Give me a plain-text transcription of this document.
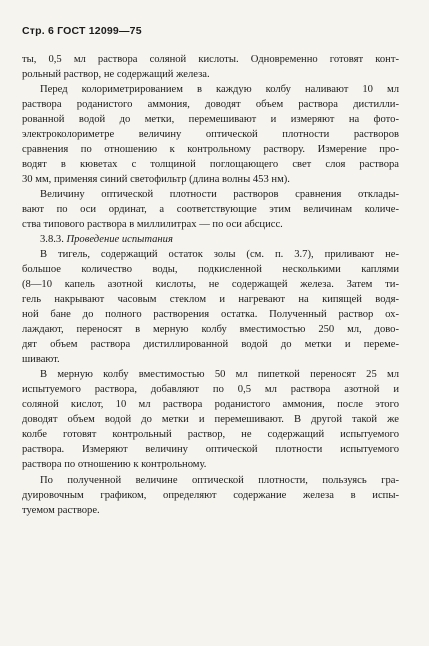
Стр. 6 ГОСТ 12099—75
ты, 0,5 мл раствора соляной кислоты. Одновременно готовят конт-
рольный раствор, не содержащий железа.
Перед колориметрированием в каждую колбу наливают 10 мл
раствора роданистого аммония, доводят объем раствора дистилли-
рованной водой до метки, перемешивают и измеряют на фото-
электроколориметре величину оптической плотности растворов
сравнения по отношению к контрольному раствору. Измерение про-
водят в кюветах с толщиной поглощающего свет слоя раствора
30 мм, применяя синий светофильтр (длина волны 453 нм).
Величину оптической плотности растворов сравнения отклады-
вают по оси ординат, а соответствующие этим величинам количе-
ства типового раствора в миллилитрах — по оси абсцисс.
3.8.3. Проведение испытания
В тигель, содержащий остаток золы (см. п. 3.7), приливают не-
большое количество воды, подкисленной несколькими каплями
(8—10 капель азотной кислоты, не содержащей железа. Затем ти-
гель накрывают часовым стеклом и нагревают на кипящей водя-
ной бане до полного растворения остатка. Полученный раствор ох-
лаждают, переносят в мерную колбу вместимостью 250 мл, дово-
дят объем раствора дистиллированной водой до метки и переме-
шивают.
В мерную колбу вместимостью 50 мл пипеткой переносят 25 мл
испытуемого раствора, добавляют по 0,5 мл раствора азотной и
соляной кислот, 10 мл раствора роданистого аммония, после этого
доводят объем водой до метки и перемешивают. В другой такой же
колбе готовят контрольный раствор, не содержащий испытуемого
раствора. Измеряют величину оптической плотности испытуемого
раствора по отношению к контрольному.
По полученной величине оптической плотности, пользуясь гра-
дуировочным графиком, определяют содержание железа в испы-
туемом растворе.
